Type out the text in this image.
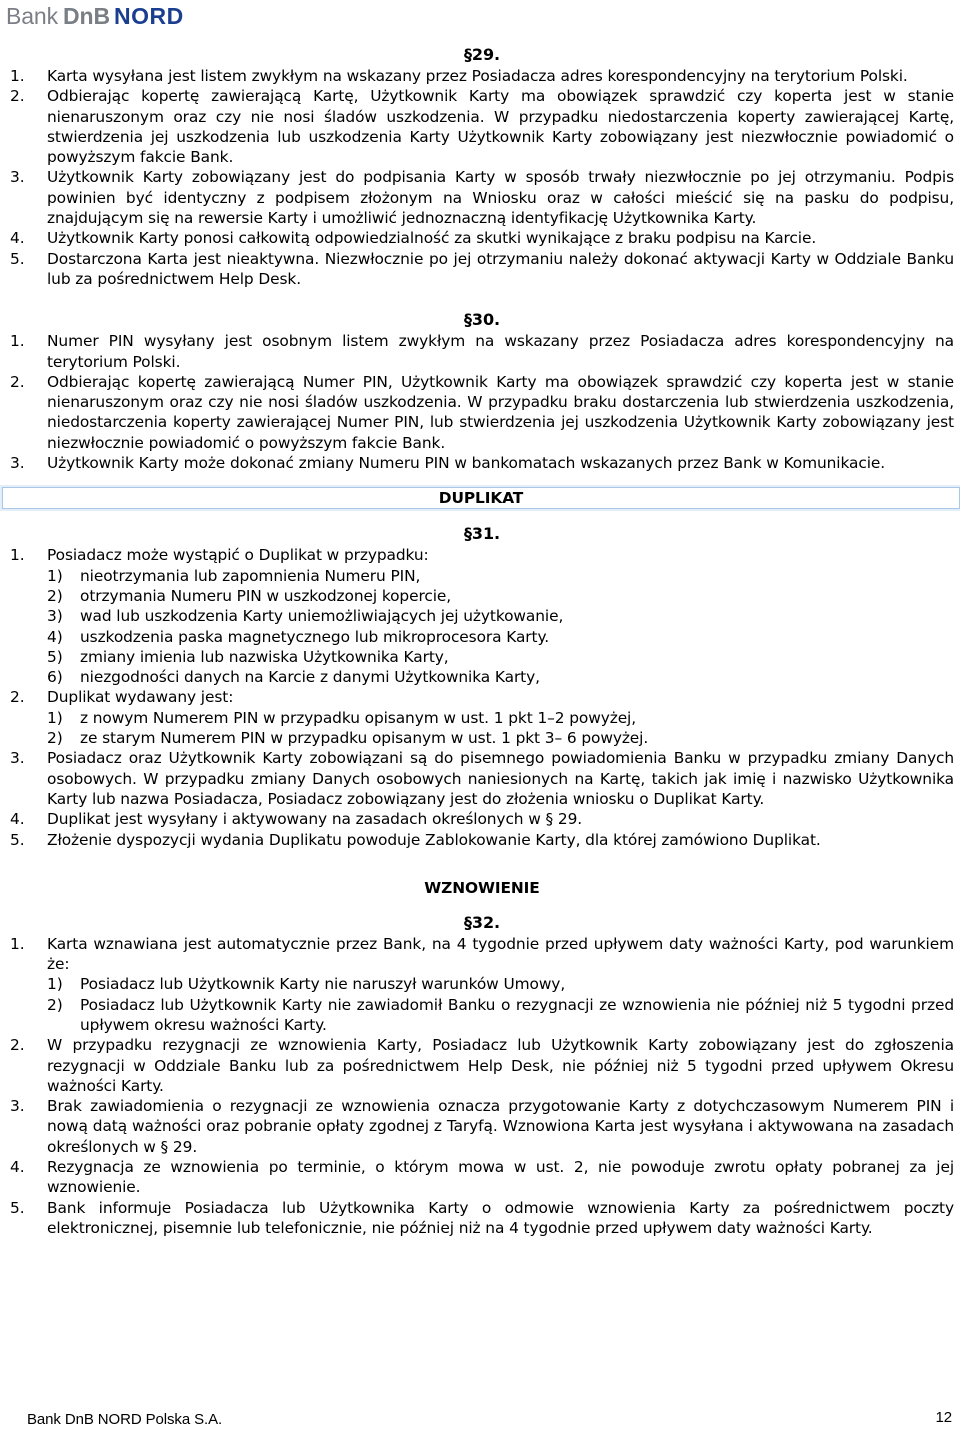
Bank DnB NORD
§29.
1.	Karta wysyłana jest listem zwykłym na wskazany przez Posiadacza adres korespondencyjny na terytorium Polski.
2.	Odbierając kopertę zawierającą Kartę, Użytkownik Karty ma obowiązek sprawdzić czy koperta jest w stanie nienaruszonym oraz czy nie nosi śladów uszkodzenia. W przypadku niedostarczenia koperty zawierającej Kartę, stwierdzenia jej uszkodzenia lub uszkodzenia Karty Użytkownik Karty zobowiązany jest niezwłocznie powiadomić o powyższym fakcie Bank.
3.	Użytkownik Karty zobowiązany jest do podpisania Karty w sposób trwały niezwłocznie po jej otrzymaniu. Podpis powinien być identyczny z podpisem złożonym na Wniosku oraz w całości mieścić się na pasku do podpisu, znajdującym się na rewersie Karty i umożliwić jednoznaczną identyfikację Użytkownika Karty.
4.	Użytkownik Karty ponosi całkowitą odpowiedzialność za skutki wynikające z braku podpisu na Karcie.
5.	Dostarczona Karta jest nieaktywna. Niezwłocznie po jej otrzymaniu należy dokonać aktywacji Karty w Oddziale Banku lub za pośrednictwem Help Desk.
§30.
1.	Numer PIN wysyłany jest osobnym listem zwykłym na wskazany przez Posiadacza adres korespondencyjny na terytorium Polski.
2.	Odbierając kopertę zawierającą Numer PIN, Użytkownik Karty ma obowiązek sprawdzić czy koperta jest w stanie nienaruszonym oraz czy nie nosi śladów uszkodzenia. W przypadku braku dostarczenia lub stwierdzenia uszkodzenia, niedostarczenia koperty zawierającej Numer PIN, lub stwierdzenia jej uszkodzenia Użytkownik Karty zobowiązany jest niezwłocznie powiadomić o powyższym fakcie Bank.
3.	Użytkownik Karty może dokonać zmiany Numeru PIN w bankomatach wskazanych przez Bank w Komunikacie.
DUPLIKAT
§31.
1.	Posiadacz może wystąpić o Duplikat w przypadku:
1)	nieotrzymania lub zapomnienia Numeru PIN,
2)	otrzymania Numeru PIN w uszkodzonej kopercie,
3)	wad lub uszkodzenia Karty uniemożliwiających jej użytkowanie,
4)	uszkodzenia paska magnetycznego lub mikroprocesora Karty.
5)	zmiany imienia lub nazwiska Użytkownika Karty,
6)	niezgodności danych na Karcie z danymi Użytkownika Karty,
2.	Duplikat wydawany jest:
1)	z nowym Numerem PIN w przypadku opisanym w ust. 1 pkt 1–2 powyżej,
2)	ze starym Numerem PIN w przypadku opisanym w ust. 1 pkt 3– 6 powyżej.
3.	Posiadacz oraz Użytkownik Karty zobowiązani są do pisemnego powiadomienia Banku w przypadku zmiany Danych osobowych. W przypadku zmiany Danych osobowych naniesionych na Kartę, takich jak imię i nazwisko Użytkownika Karty lub nazwa Posiadacza, Posiadacz zobowiązany jest do złożenia wniosku o Duplikat Karty.
4.	Duplikat jest wysyłany i aktywowany na zasadach określonych w § 29.
5.	Złożenie dyspozycji wydania Duplikatu powoduje Zablokowanie Karty, dla której zamówiono Duplikat.
WZNOWIENIE
§32.
1.	Karta wznawiana jest automatycznie przez Bank, na 4 tygodnie przed upływem daty ważności Karty, pod warunkiem że:
1)	Posiadacz lub Użytkownik Karty nie naruszył warunków Umowy,
2)	Posiadacz lub Użytkownik Karty nie zawiadomił Banku o rezygnacji ze wznowienia nie później niż 5 tygodni przed upływem okresu ważności Karty.
2.	W przypadku rezygnacji ze wznowienia Karty, Posiadacz lub Użytkownik Karty zobowiązany jest do zgłoszenia rezygnacji w Oddziale Banku lub za pośrednictwem Help Desk, nie później niż 5 tygodni przed upływem Okresu ważności Karty.
3.	Brak zawiadomienia o rezygnacji ze wznowienia oznacza przygotowanie Karty z dotychczasowym Numerem PIN i nową datą ważności oraz pobranie opłaty zgodnej z Taryfą. Wznowiona Karta jest wysyłana i aktywowana na zasadach określonych w § 29.
4.	Rezygnacja ze wznowienia po terminie, o którym mowa w ust. 2, nie powoduje zwrotu opłaty pobranej za jej wznowienie.
5.	Bank informuje Posiadacza lub Użytkownika Karty o odmowie wznowienia Karty za pośrednictwem poczty elektronicznej, pisemnie lub telefonicznie, nie później niż na 4 tygodnie przed upływem daty ważności Karty.
Bank DnB NORD Polska S.A.	12
